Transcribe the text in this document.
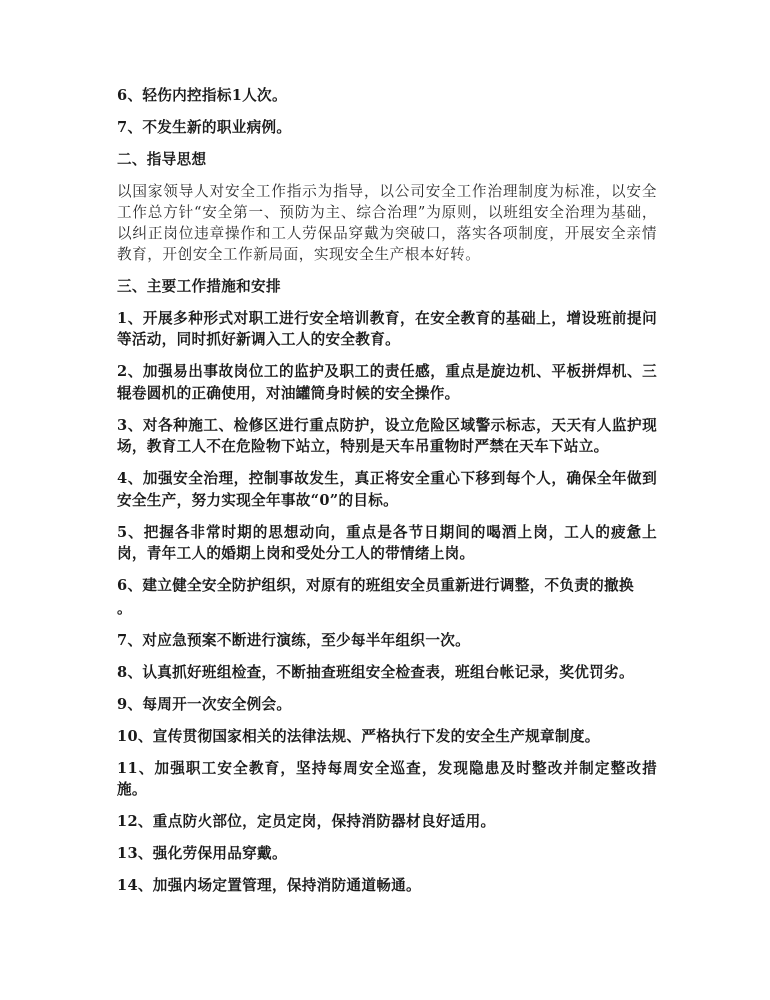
6、轻伤内控指标1人次。

7、不发生新的职业病例。

二、指导思想

以国家领导人对安全工作指示为指导，以公司安全工作治理制度为标准，以安全工作总方针“安全第一、预防为主、综合治理”为原则，以班组安全治理为基础，以纠正岗位违章操作和工人劳保品穿戴为突破口，落实各项制度，开展安全亲情教育，开创安全工作新局面，实现安全生产根本好转。

三、主要工作措施和安排

1、开展多种形式对职工进行安全培训教育，在安全教育的基础上，增设班前提问等活动，同时抓好新调入工人的安全教育。

2、加强易出事故岗位工的监护及职工的责任感，重点是旋边机、平板拼焊机、三辊卷圆机的正确使用，对油罐筒身时候的安全操作。

3、对各种施工、检修区进行重点防护，设立危险区域警示标志，天天有人监护现场，教育工人不在危险物下站立，特别是天车吊重物时严禁在天车下站立。

4、加强安全治理，控制事故发生，真正将安全重心下移到每个人，确保全年做到安全生产，努力实现全年事故“0”的目标。

5、把握各非常时期的思想动向，重点是各节日期间的喝酒上岗，工人的疲惫上岗，青年工人的婚期上岗和受处分工人的带情绪上岗。

6、建立健全安全防护组织，对原有的班组安全员重新进行调整，不负责的撤换
。

7、对应急预案不断进行演练，至少每半年组织一次。

8、认真抓好班组检查，不断抽查班组安全检查表，班组台帐记录，奖优罚劣。

9、每周开一次安全例会。

10、宣传贯彻国家相关的法律法规、严格执行下发的安全生产规章制度。

11、加强职工安全教育，坚持每周安全巡查，发现隐患及时整改并制定整改措施。

12、重点防火部位，定员定岗，保持消防器材良好适用。

13、强化劳保用品穿戴。

14、加强内场定置管理，保持消防通道畅通。
